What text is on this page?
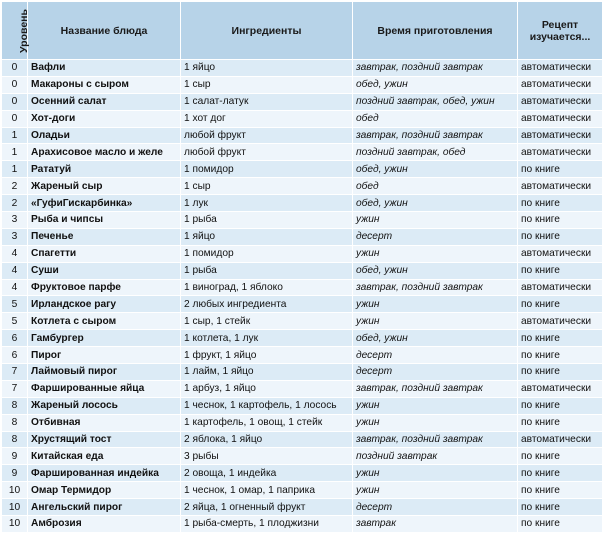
Уровень	Название блюда	Ингредиенты	Время приготовления	Рецепт изучается...
0	Вафли	1 яйцо	завтрак, поздний завтрак	автоматически
0	Макароны с сыром	1 сыр	обед, ужин	автоматически
0	Осенний салат	1 салат-латук	поздний завтрак, обед, ужин	автоматически
0	Хот-доги	1 хот дог	обед	автоматически
1	Оладьи	любой фрукт	завтрак, поздний завтрак	автоматически
1	Арахисовое масло и желе	любой фрукт	поздний завтрак, обед	автоматически
1	Рататуй	1 помидор	обед, ужин	по книге
2	Жареный сыр	1 сыр	обед	автоматически
2	«ГуфиГискарбинка»	1 лук	обед, ужин	по книге
3	Рыба и чипсы	1 рыба	ужин	по книге
3	Печенье	1 яйцо	десерт	по книге
4	Спагетти	1 помидор	ужин	автоматически
4	Суши	1 рыба	обед, ужин	по книге
4	Фруктовое парфе	1 виноград, 1 яблоко	завтрак, поздний завтрак	автоматически
5	Ирландское рагу	2 любых ингредиента	ужин	по книге
5	Котлета с сыром	1 сыр, 1 стейк	ужин	автоматически
6	Гамбургер	1 котлета, 1 лук	обед, ужин	по книге
6	Пирог	1 фрукт, 1 яйцо	десерт	по книге
7	Лаймовый пирог	1 лайм, 1 яйцо	десерт	по книге
7	Фаршированные яйца	1 арбуз, 1 яйцо	завтрак, поздний завтрак	автоматически
8	Жареный лосось	1 чеснок, 1 картофель, 1 лосось	ужин	по книге
8	Отбивная	1 картофель, 1 овощ, 1 стейк	ужин	по книге
8	Хрустящий тост	2 яблока, 1 яйцо	завтрак, поздний завтрак	автоматически
9	Китайская еда	3 рыбы	поздний завтрак	по книге
9	Фаршированная индейка	2 овоща, 1 индейка	ужин	по книге
10	Омар Термидор	1 чеснок, 1 омар, 1 паприка	ужин	по книге
10	Ангельский пирог	2 яйца, 1 огненный фрукт	десерт	по книге
10	Амброзия	1 рыба-смерть, 1 плоджизни	завтрак	по книге
